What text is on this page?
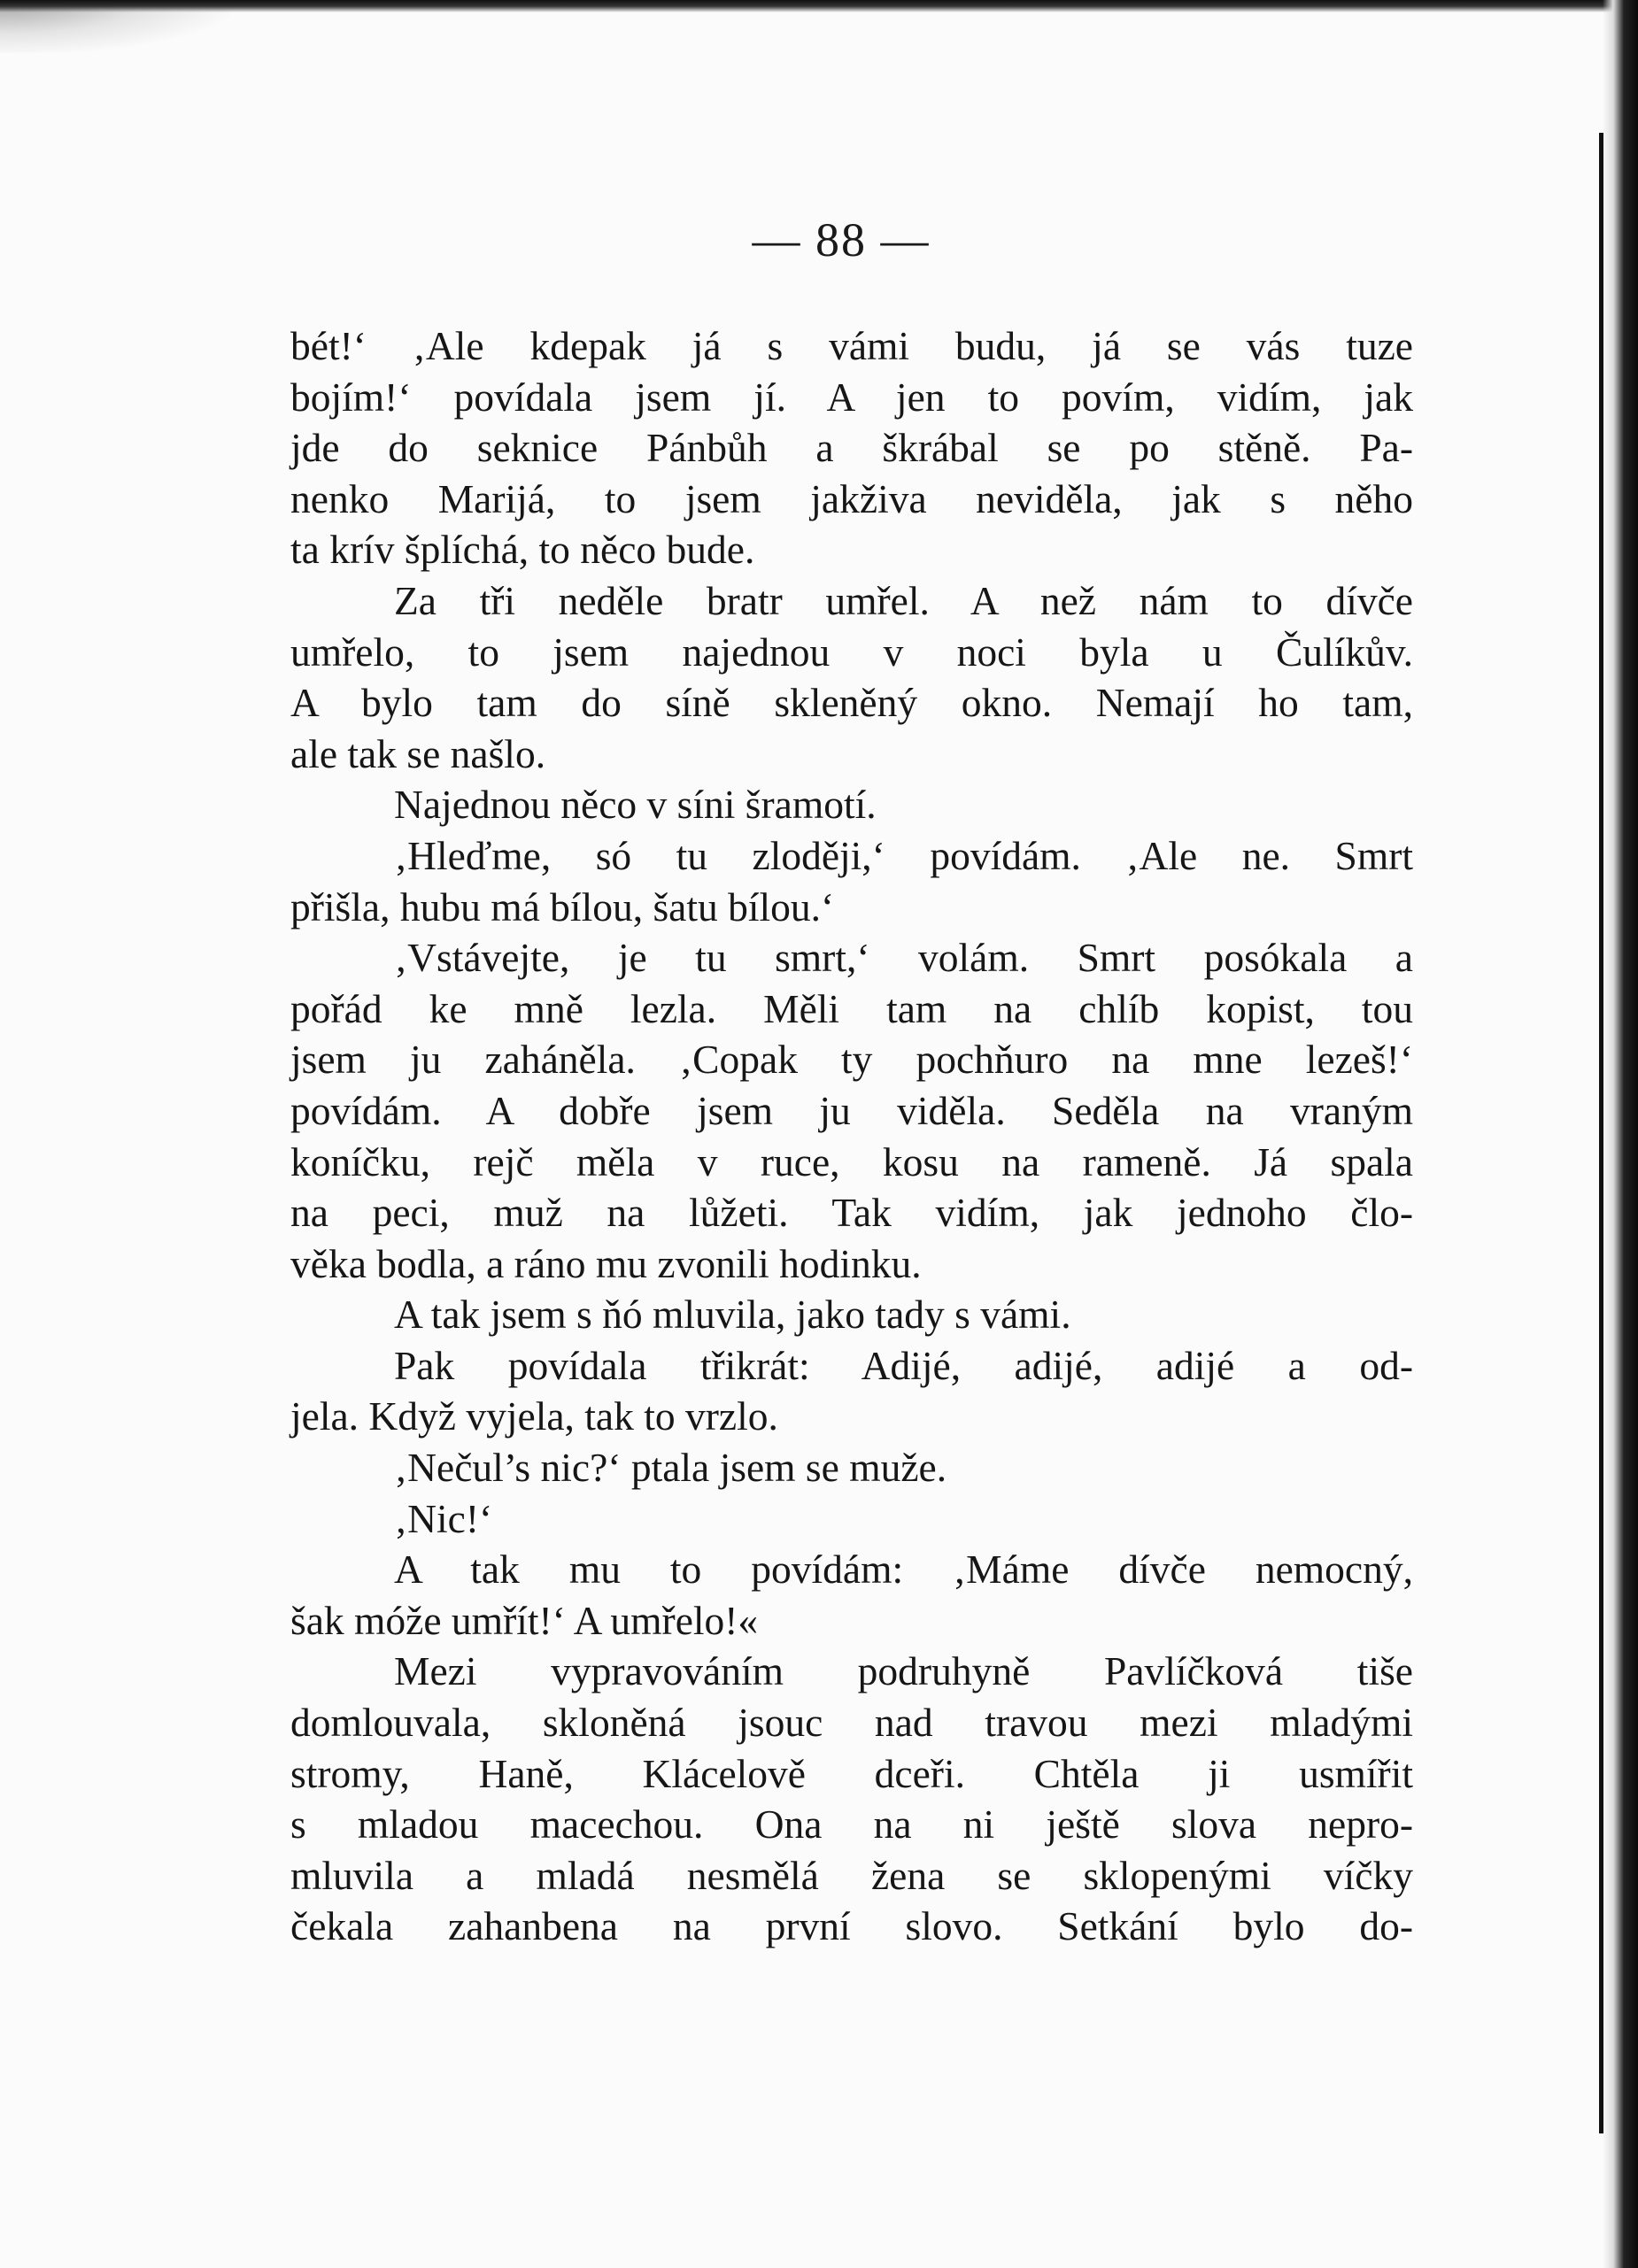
— 88 —
bét!‘ ‚Ale kdepak já s vámi budu, já se vás tuze
bojím!‘ povídala jsem jí. A jen to povím, vidím, jak
jde do seknice Pánbůh a škrábal se po stěně. Pa-
nenko Marijá, to jsem jakživa neviděla, jak s něho
ta krív šplíchá, to něco bude.
Za tři neděle bratr umřel. A než nám to dívče
umřelo, to jsem najednou v noci byla u Čulíkův.
A bylo tam do síně skleněný okno. Nemají ho tam,
ale tak se našlo.
Najednou něco v síni šramotí.
‚Hleďme, só tu zloději,‘ povídám. ‚Ale ne. Smrt
přišla, hubu má bílou, šatu bílou.‘
‚Vstávejte, je tu smrt,‘ volám. Smrt posókala a
pořád ke mně lezla. Měli tam na chlíb kopist, tou
jsem ju zaháněla. ‚Copak ty pochňuro na mne lezeš!‘
povídám. A dobře jsem ju viděla. Seděla na vraným
koníčku, rejč měla v ruce, kosu na rameně. Já spala
na peci, muž na lůžeti. Tak vidím, jak jednoho člo-
věka bodla, a ráno mu zvonili hodinku.
A tak jsem s ňó mluvila, jako tady s vámi.
Pak povídala třikrát: Adijé, adijé, adijé a od-
jela. Když vyjela, tak to vrzlo.
‚Nečul’s nic?‘ ptala jsem se muže.
‚Nic!‘
A tak mu to povídám: ‚Máme dívče nemocný,
šak móže umřít!‘ A umřelo!«
Mezi vypravováním podruhyně Pavlíčková tiše
domlouvala, skloněná jsouc nad travou mezi mladými
stromy, Haně, Klácelově dceři. Chtěla ji usmířit
s mladou macechou. Ona na ni ještě slova nepro-
mluvila a mladá nesmělá žena se sklopenými víčky
čekala zahanbena na první slovo. Setkání bylo do-
